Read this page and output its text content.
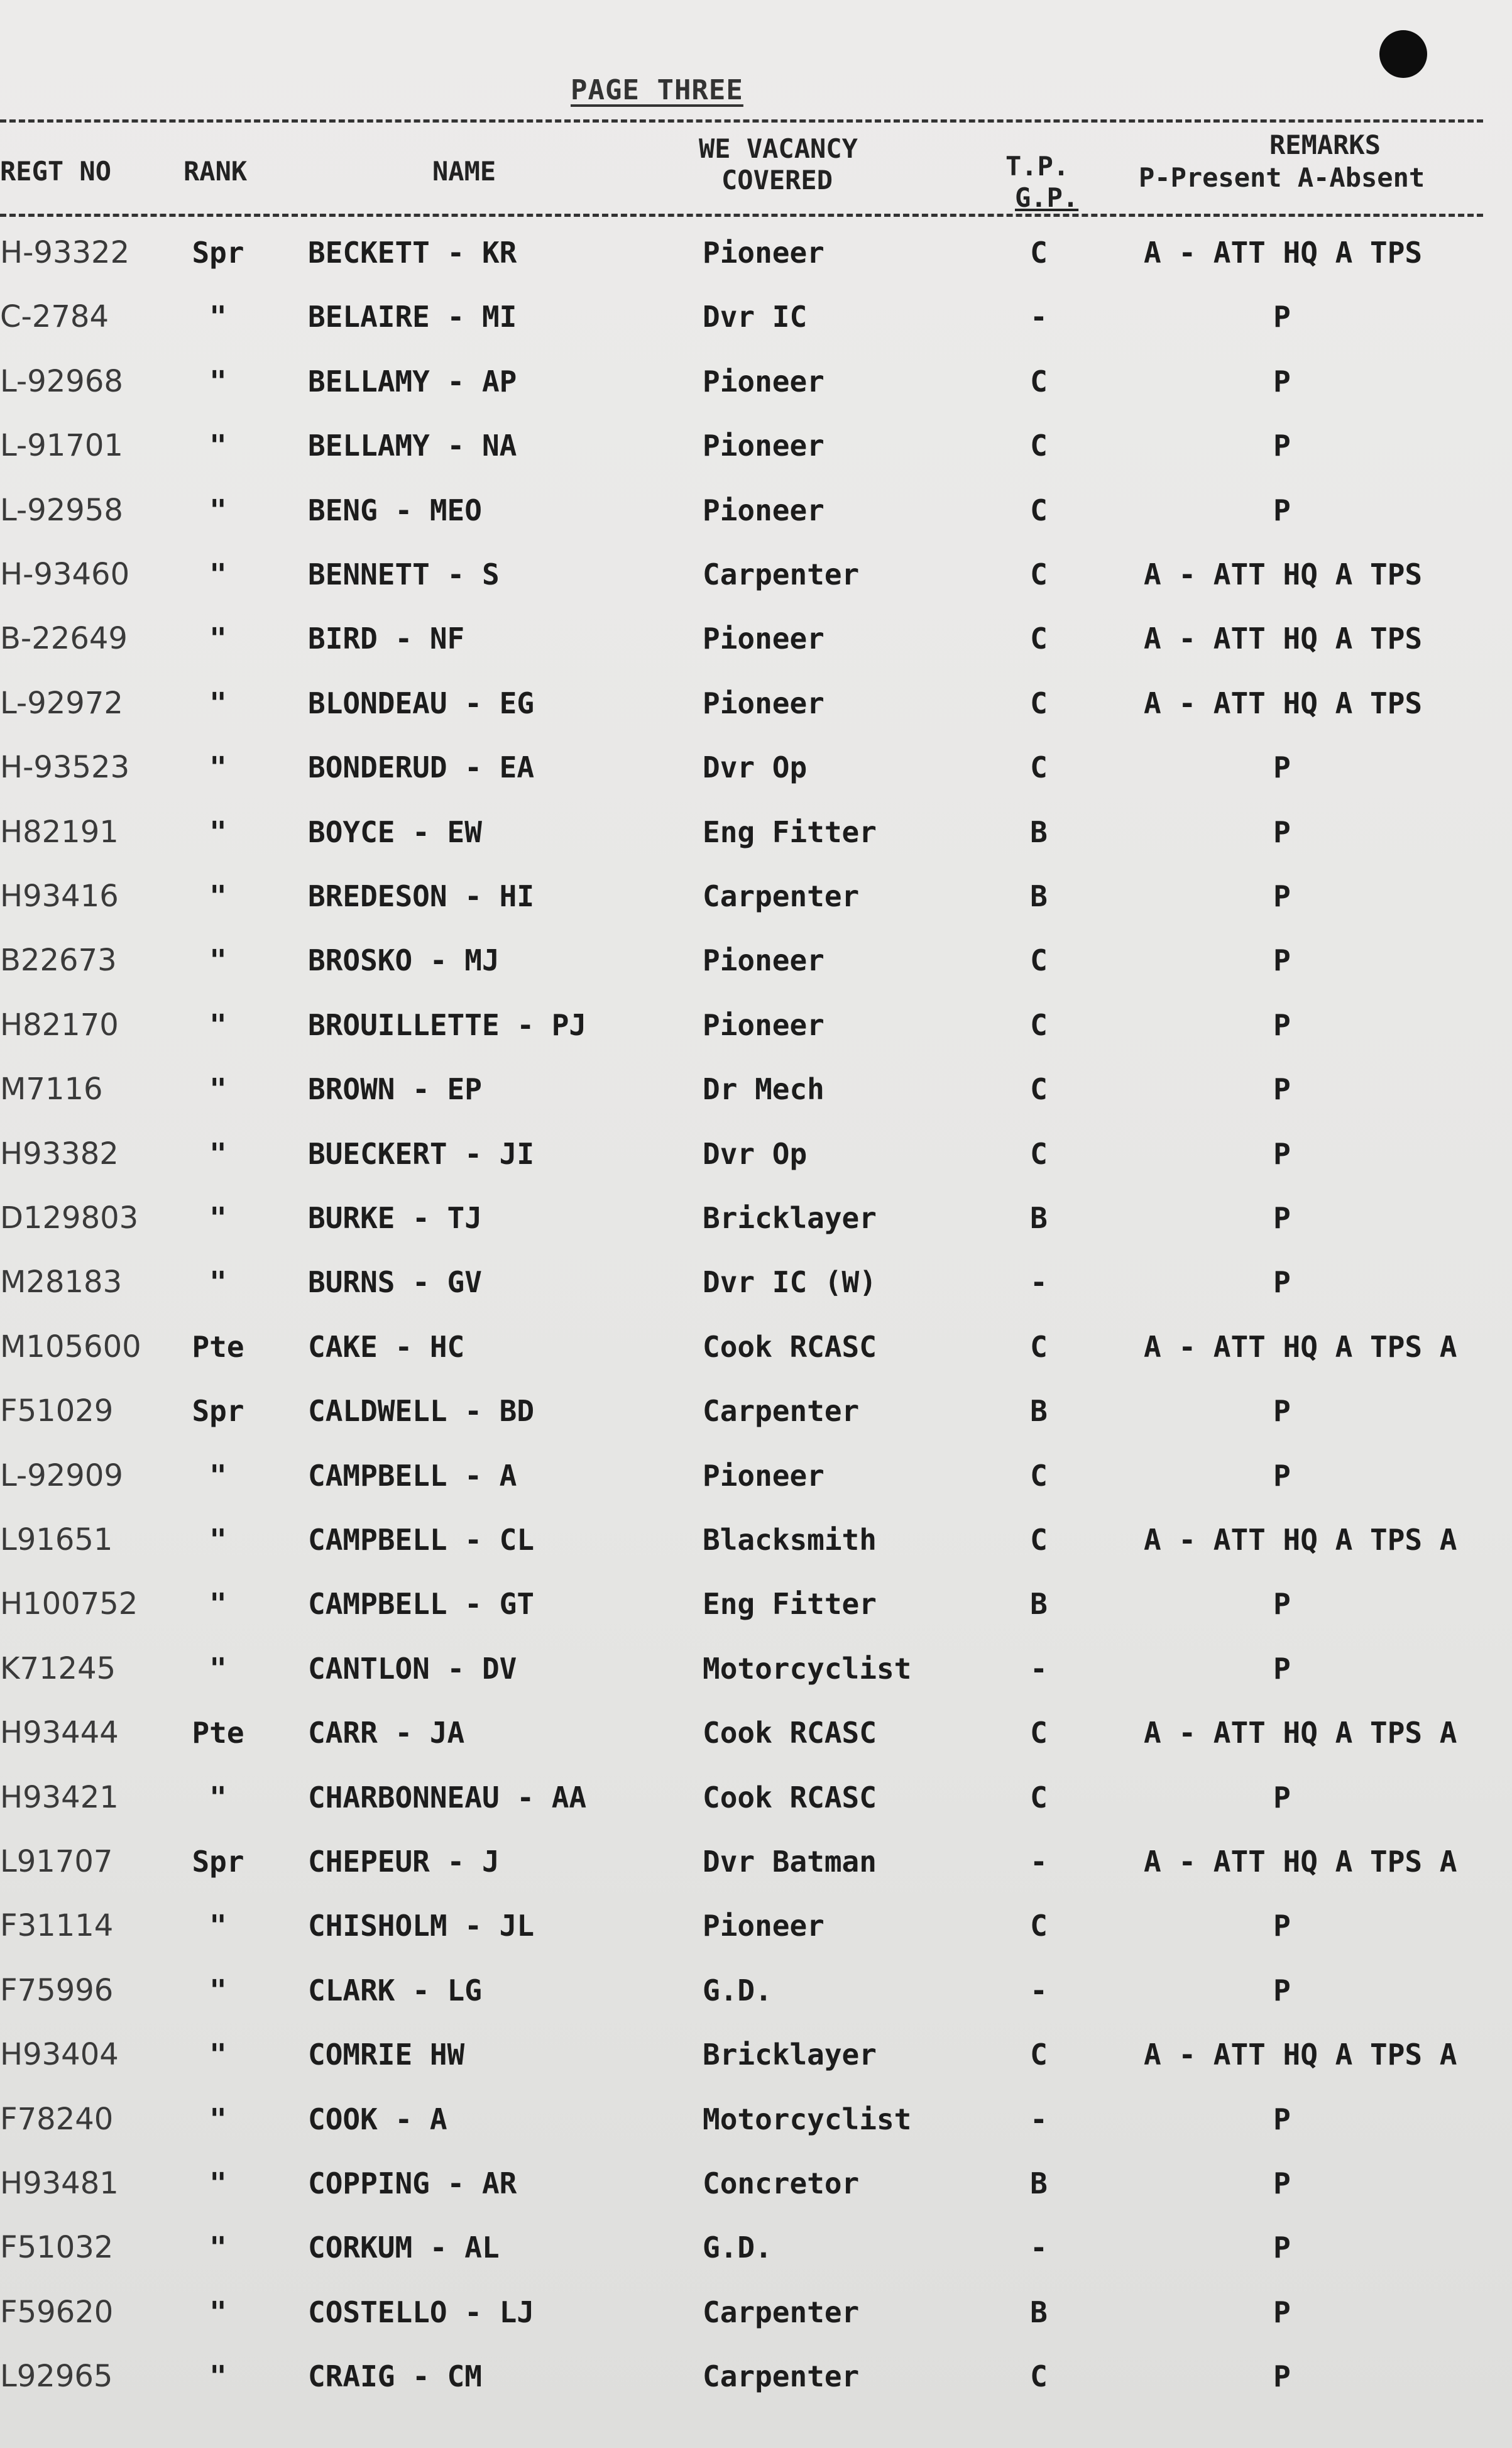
PAGE THREE
REGT NO	RANK	NAME
WE VACANCY
COVERED	T.P.
G.P.
REMARKS
P-Present A-Absent
H-93322 Spr BECKETT - KR	Pioneer	C	A - ATT HQ A TPS
C-2784	"	BELAIRE - MI	Dvr IC	-	P
L-92968	"	BELLAMY - AP	Pioneer	C	P
L-91701	"	BELLAMY - NA	Pioneer	C	P
L-92958	"	BENG - MEO	Pioneer	C	P
H-93460	"	BENNETT - S	Carpenter	C	A - ATT HQ A TPS
B-22649	"	BIRD - NF	Pioneer	C	A - ATT HQ A TPS
L-92972	"	BLONDEAU - EG	Pioneer	C	A - ATT HQ A TPS
H-93523	"	BONDERUD - EA	Dvr Op	C	P
H82191	"	BOYCE - EW	Eng Fitter	B	P
H93416	"	BREDESON - HI	Carpenter	B	P
B22673	"	BROSKO - MJ	Pioneer	C	P
H82170	"	BROUILLETTE - PJ	Pioneer	C	P
M7116	"	BROWN - EP	Dr Mech	C	P
H93382	"	BUECKERT - JI	Dvr Op	C	P
D129803	"	BURKE - TJ	Bricklayer	B	P
M28183	"	BURNS - GV	Dvr IC (W)	-	P
M105600 Pte CAKE - HC	Cook RCASC	C	A - ATT HQ A TPS A
F51029	Spr CALDWELL - BD	Carpenter	B	P
L-92909	"	CAMPBELL - A	Pioneer	C	P
L91651	"	CAMPBELL - CL	Blacksmith	C	A - ATT HQ A TPS A
H100752	"	CAMPBELL - GT	Eng Fitter	B	P
K71245	"	CANTLON - DV	Motorcyclist	-	P
H93444	Pte CARR - JA	Cook RCASC	C	A - ATT HQ A TPS A
H93421	"	CHARBONNEAU - AA	Cook RCASC	C	P
L91707	Spr CHEPEUR - J	Dvr Batman	-	A - ATT HQ A TPS A
F31114	"	CHISHOLM - JL	Pioneer	C	P
F75996	"	CLARK - LG	G.D.	-	P
H93404	"	COMRIE HW	Bricklayer	C	A - ATT HQ A TPS A
F78240	"	COOK - A	Motorcyclist	-	P
H93481	"	COPPING - AR	Concretor	B	P
F51032	"	CORKUM - AL	G.D.	-	P
F59620	"	COSTELLO - LJ	Carpenter	B	P
L92965	"	CRAIG - CM	Carpenter	C	P
